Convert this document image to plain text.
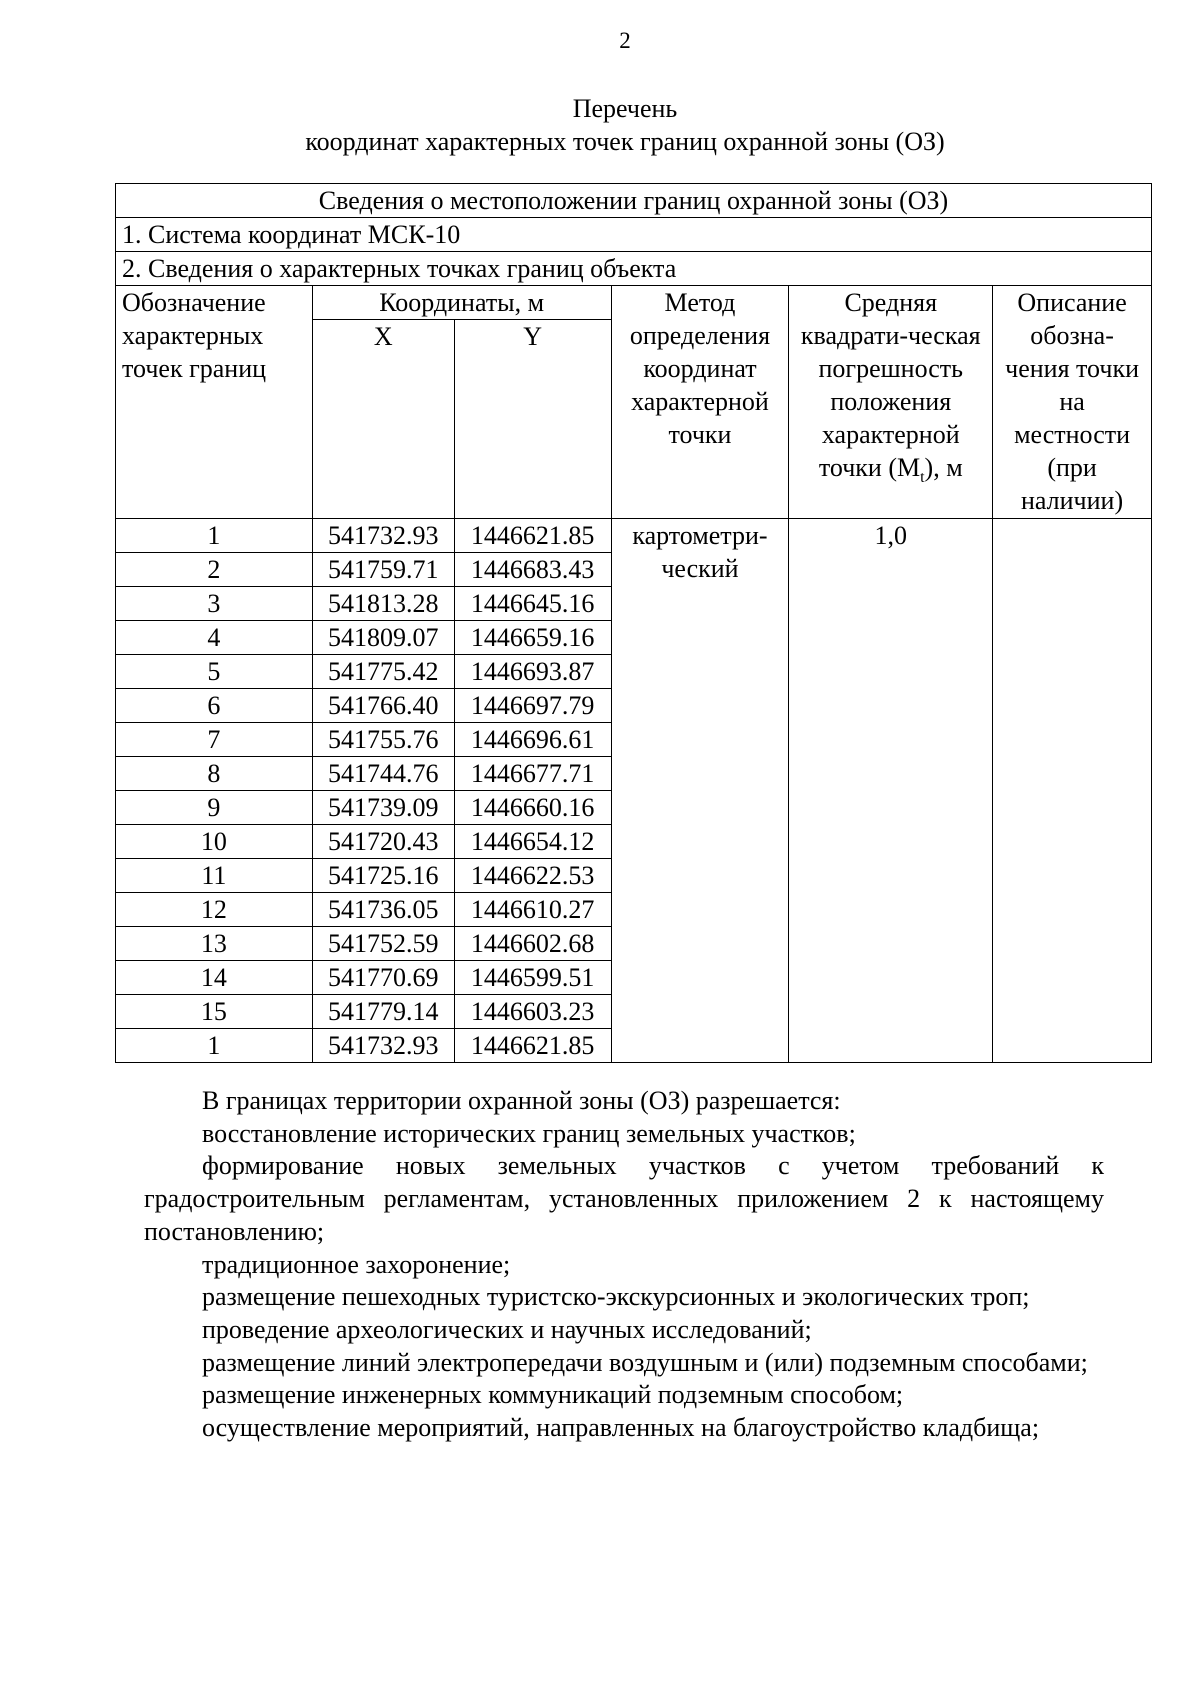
2
Перечень
координат характерных точек границ охранной зоны (ОЗ)
Сведения о местоположении границ охранной зоны (ОЗ)					
1. Система координат МСК-10					
2. Сведения о характерных точках границ объекта					
Обозначение характерных точек границ	Координаты, м		Метод определения координат характерной точки	Средняя квадрати-ческая погрешность положения характерной точки $(M_t)$, м	Описание обозна-чения точки на местности (при наличии)
	X	Y			
1	541732.93	1446621.85	картометри-ческий	1,0	
2	541759.71	1446683.43			
3	541813.28	1446645.16			
4	541809.07	1446659.16			
5	541775.42	1446693.87			
6	541766.40	1446697.79			
7	541755.76	1446696.61			
8	541744.76	1446677.71			
9	541739.09	1446660.16			
10	541720.43	1446654.12			
11	541725.16	1446622.53			
12	541736.05	1446610.27			
13	541752.59	1446602.68			
14	541770.69	1446599.51			
15	541779.14	1446603.23			
1	541732.93	1446621.85			

В границах территории охранной зоны (ОЗ) разрешается:

восстановление исторических границ земельных участков;

формирование новых земельных участков с учетом требований к градостроительным регламентам, установленных приложением 2 к настоящему постановлению;

традиционное захоронение;

размещение пешеходных туристско-экскурсионных и экологических троп;

проведение археологических и научных исследований;

размещение линий электропередачи воздушным и (или) подземным способами;

размещение инженерных коммуникаций подземным способом;

осуществление мероприятий, направленных на благоустройство кладбища;
